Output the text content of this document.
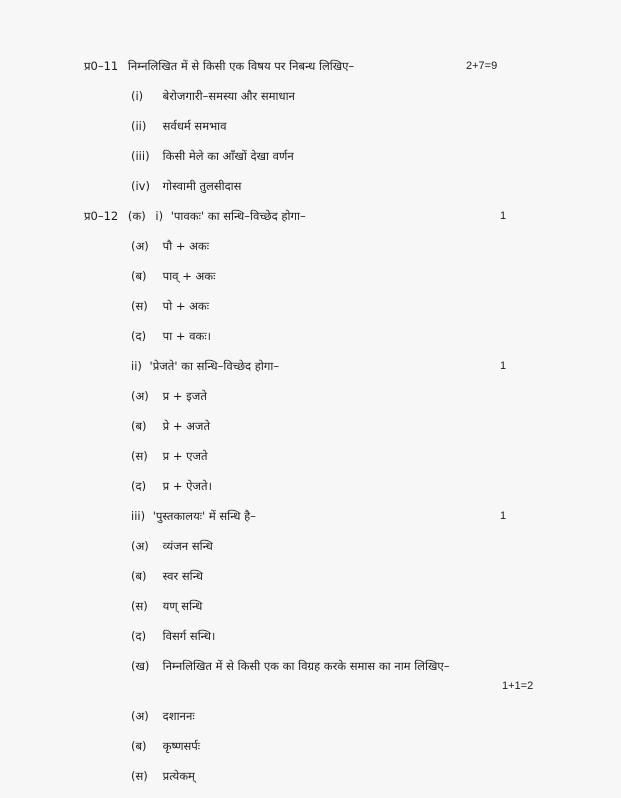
प्र0–11 निम्नलिखित में से किसी एक विषय पर निबन्ध लिखिए–	2+7=9
(i) बेरोजगारी–समस्या और समाधान
(ii) सर्वधर्म समभाव
(iii) किसी मेले का आँखों देखा वर्णन
(iv) गोस्वामी तुलसीदास
प्र0–12 (क) i) 'पावकः' का सन्धि–विच्छेद होगा–	1
(अ) पौ + अकः
(ब) पाव् + अकः
(स) पो + अकः
(द) पा + वकः।
ii) 'प्रेजते' का सन्धि–विच्छेद होगा–	1
(अ) प्र + इजते
(ब) प्रे + अजते
(स) प्र + एजते
(द) प्र + ऐजते।
iii) 'पुस्तकालयः' में सन्धि है–	1
(अ) व्यंजन सन्धि
(ब) स्वर सन्धि
(स) यण् सन्धि
(द) विसर्ग सन्धि।
(ख) निम्नलिखित में से किसी एक का विग्रह करके समास का नाम लिखिए–
1+1=2
(अ) दशाननः
(ब) कृष्णसर्पः
(स) प्रत्येकम्
